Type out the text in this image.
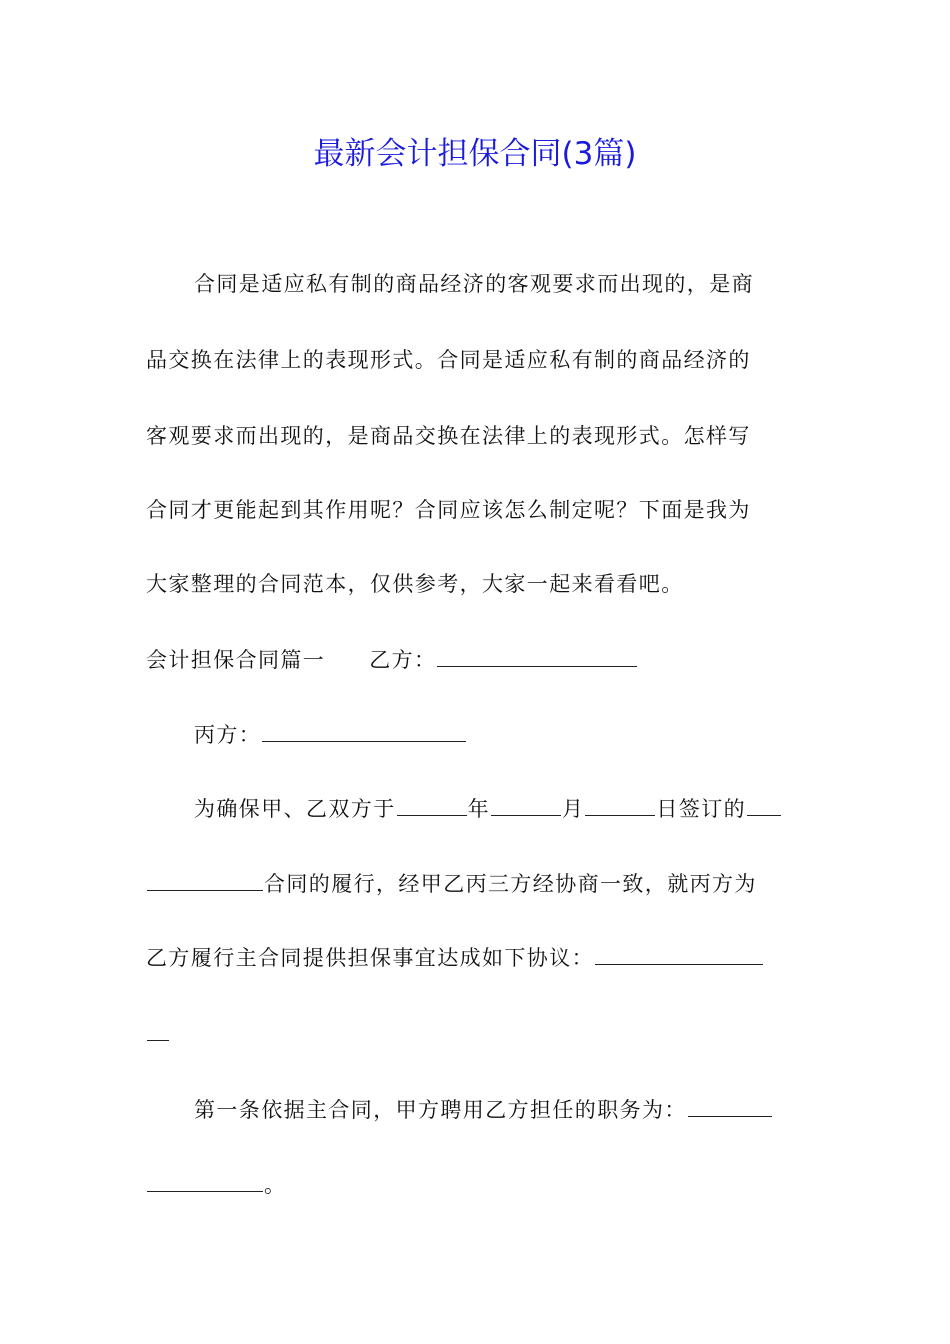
最新会计担保合同(3篇)
合同是适应私有制的商品经济的客观要求而出现的，是商
品交换在法律上的表现形式。合同是适应私有制的商品经济的
客观要求而出现的，是商品交换在法律上的表现形式。怎样写
合同才更能起到其作用呢？合同应该怎么制定呢？下面是我为
大家整理的合同范本，仅供参考，大家一起来看看吧。
会计担保合同篇一 乙方：
丙方：
为确保甲、乙双方于	年	月	日签订的
合同的履行，经甲乙丙三方经协商一致，就丙方为
乙方履行主合同提供担保事宜达成如下协议：
第一条依据主合同，甲方聘用乙方担任的职务为：
。
